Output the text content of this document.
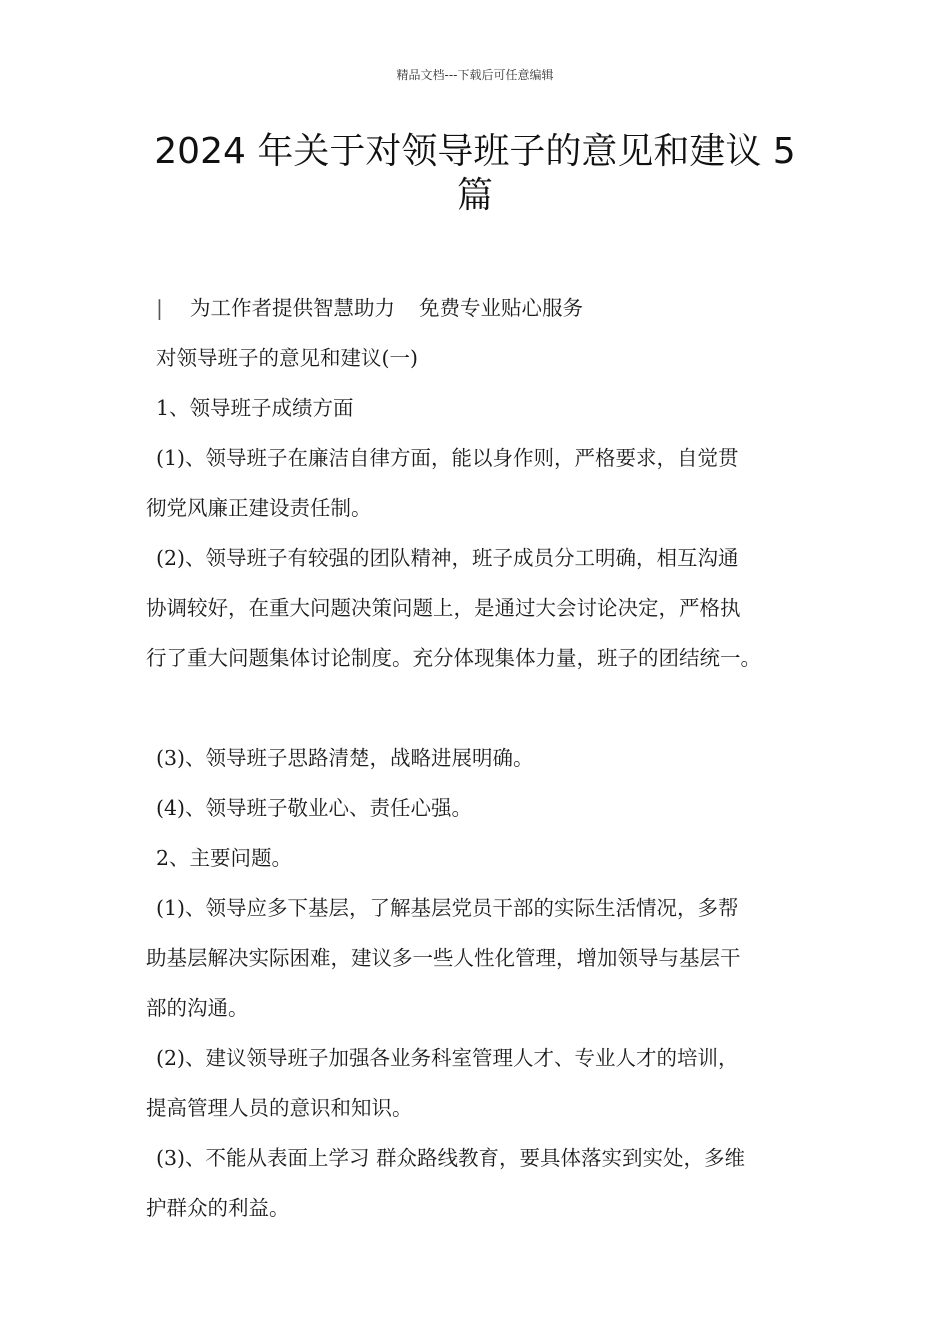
精品文档---下载后可任意编辑
2024 年关于对领导班子的意见和建议 5
篇
| 为工作者提供智慧助力 免费专业贴心服务
对领导班子的意见和建议(一)
1、领导班子成绩方面
(1)、领导班子在廉洁自律方面，能以身作则，严格要求，自觉贯
彻党风廉正建设责任制。
(2)、领导班子有较强的团队精神，班子成员分工明确，相互沟通
协调较好，在重大问题决策问题上，是通过大会讨论决定，严格执
行了重大问题集体讨论制度。充分体现集体力量，班子的团结统一。
(3)、领导班子思路清楚，战略进展明确。
(4)、领导班子敬业心、责任心强。
2、主要问题。
(1)、领导应多下基层，了解基层党员干部的实际生活情况，多帮
助基层解决实际困难，建议多一些人性化管理，增加领导与基层干
部的沟通。
(2)、建议领导班子加强各业务科室管理人才、专业人才的培训，
提高管理人员的意识和知识。
(3)、不能从表面上学习 群众路线教育，要具体落实到实处，多维
护群众的利益。
